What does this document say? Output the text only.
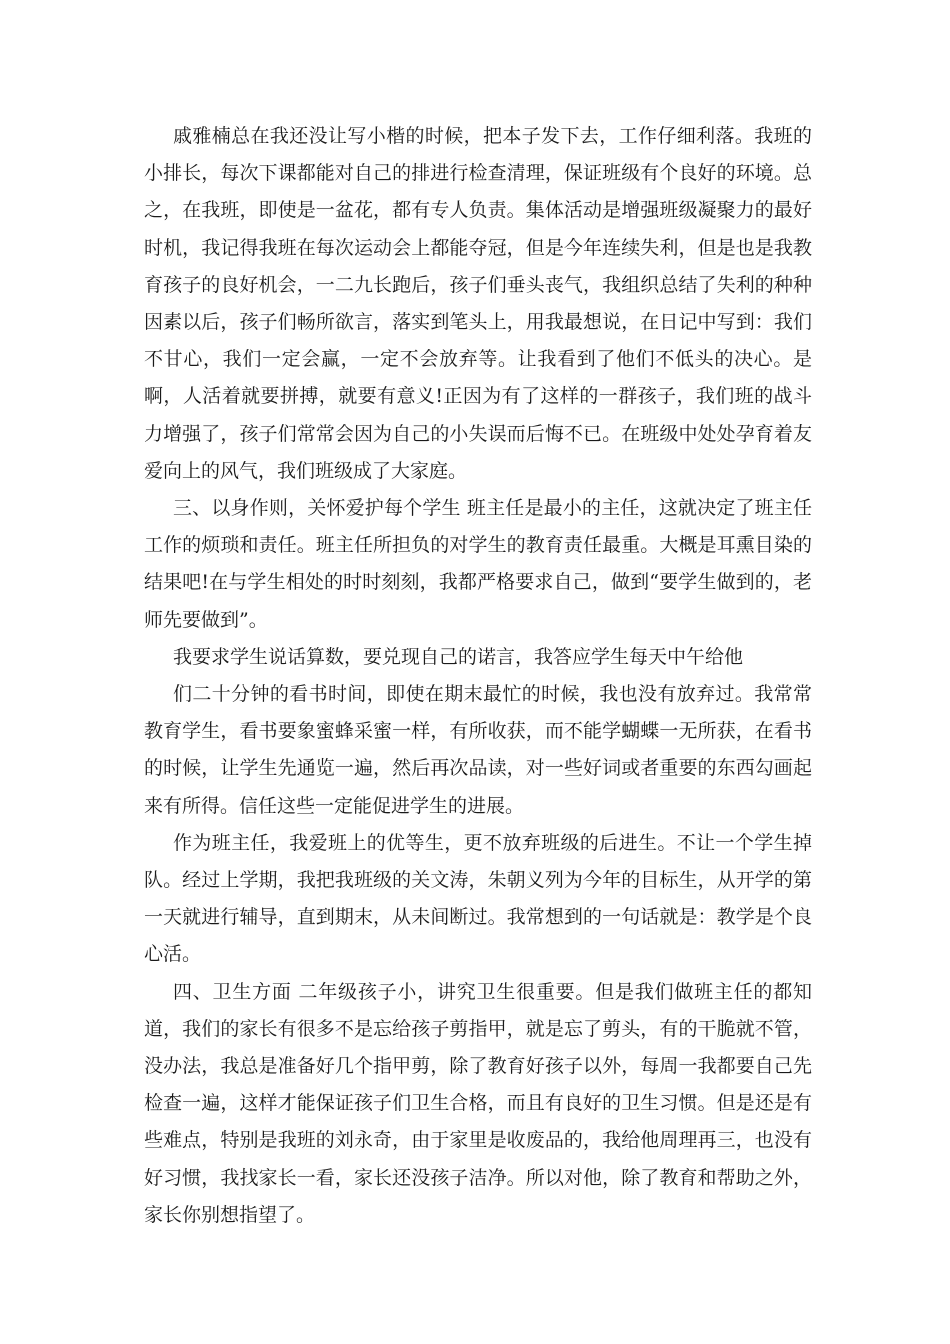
戚雅楠总在我还没让写小楷的时候，把本子发下去，工作仔细利落。我班的小排长，每次下课都能对自己的排进行检查清理，保证班级有个良好的环境。总之，在我班，即使是一盆花，都有专人负责。集体活动是增强班级凝聚力的最好时机，我记得我班在每次运动会上都能夺冠，但是今年连续失利，但是也是我教育孩子的良好机会，一二九长跑后，孩子们垂头丧气，我组织总结了失利的种种因素以后，孩子们畅所欲言，落实到笔头上，用我最想说，在日记中写到：我们不甘心，我们一定会赢，一定不会放弃等。让我看到了他们不低头的决心。是啊，人活着就要拼搏，就要有意义!正因为有了这样的一群孩子，我们班的战斗力增强了，孩子们常常会因为自己的小失误而后悔不已。在班级中处处孕育着友爱向上的风气，我们班级成了大家庭。

三、以身作则，关怀爱护每个学生 班主任是最小的主任，这就决定了班主任工作的烦琐和责任。班主任所担负的对学生的教育责任最重。大概是耳熏目染的结果吧!在与学生相处的时时刻刻，我都严格要求自己，做到“要学生做到的，老师先要做到”。

我要求学生说话算数，要兑现自己的诺言，我答应学生每天中午给他

们二十分钟的看书时间，即使在期末最忙的时候，我也没有放弃过。我常常教育学生，看书要象蜜蜂采蜜一样，有所收获，而不能学蝴蝶一无所获，在看书的时候，让学生先通览一遍，然后再次品读，对一些好词或者重要的东西勾画起来有所得。信任这些一定能促进学生的进展。

作为班主任，我爱班上的优等生，更不放弃班级的后进生。不让一个学生掉队。经过上学期，我把我班级的关文涛，朱朝义列为今年的目标生，从开学的第一天就进行辅导，直到期末，从未间断过。我常想到的一句话就是：教学是个良心活。

四、卫生方面 二年级孩子小，讲究卫生很重要。但是我们做班主任的都知道，我们的家长有很多不是忘给孩子剪指甲，就是忘了剪头，有的干脆就不管，没办法，我总是准备好几个指甲剪，除了教育好孩子以外，每周一我都要自己先检查一遍，这样才能保证孩子们卫生合格，而且有良好的卫生习惯。但是还是有些难点，特别是我班的刘永奇，由于家里是收废品的，我给他周理再三，也没有好习惯，我找家长一看，家长还没孩子洁净。所以对他，除了教育和帮助之外，家长你别想指望了。
